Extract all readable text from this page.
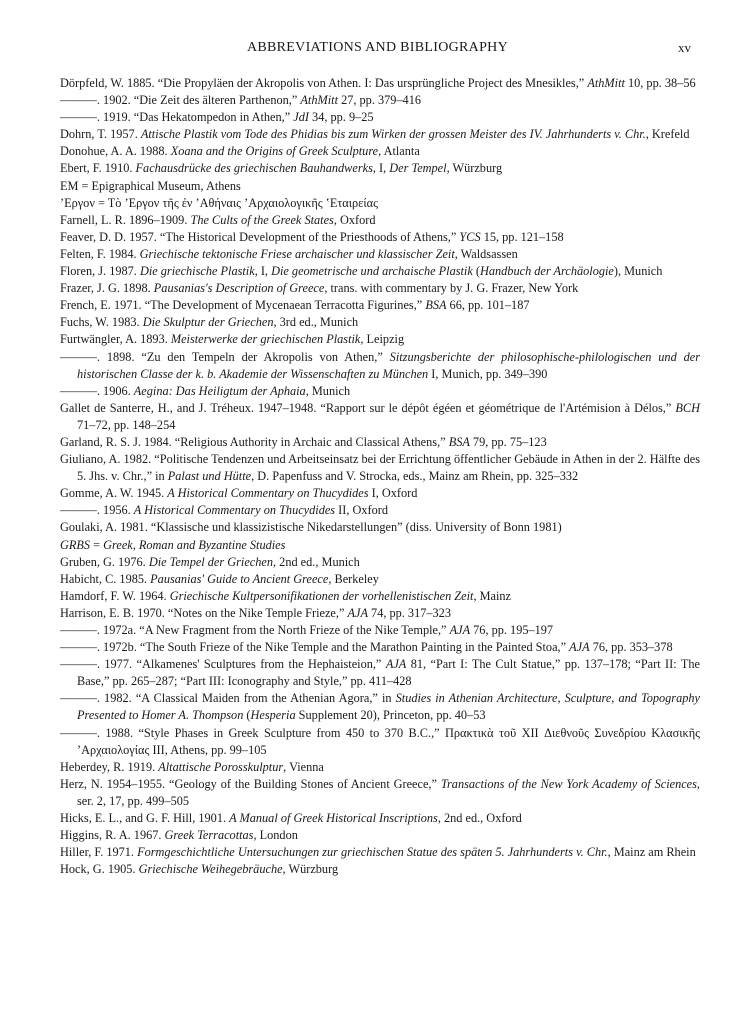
ABBREVIATIONS AND BIBLIOGRAPHY	xv

Dörpfeld, W. 1885. “Die Propyläen der Akropolis von Athen. I: Das ursprüngliche Project des Mnesikles,” AthMitt 10, pp. 38–56

———. 1902. “Die Zeit des älteren Parthenon,” AthMitt 27, pp. 379–416

———. 1919. “Das Hekatompedon in Athen,” JdI 34, pp. 9–25

Dohrn, T. 1957. Attische Plastik vom Tode des Phidias bis zum Wirken der grossen Meister des IV. Jahrhunderts v. Chr., Krefeld

Donohue, A. A. 1988. Xoana and the Origins of Greek Sculpture, Atlanta

Ebert, F. 1910. Fachausdrücke des griechischen Bauhandwerks, I, Der Tempel, Würzburg

EM = Epigraphical Museum, Athens

ʼΕργον = Τὸ ʼΕργον τῆς ἐν ʼΑθήναις ʼΑρχαιολογικῆς ʽΕταιρείας

Farnell, L. R. 1896–1909. The Cults of the Greek States, Oxford

Feaver, D. D. 1957. “The Historical Development of the Priesthoods of Athens,” YCS 15, pp. 121–158

Felten, F. 1984. Griechische tektonische Friese archaischer und klassischer Zeit, Waldsassen

Floren, J. 1987. Die griechische Plastik, I, Die geometrische und archaische Plastik (Handbuch der Archäologie), Munich

Frazer, J. G. 1898. Pausanias's Description of Greece, trans. with commentary by J. G. Frazer, New York

French, E. 1971. “The Development of Mycenaean Terracotta Figurines,” BSA 66, pp. 101–187

Fuchs, W. 1983. Die Skulptur der Griechen, 3rd ed., Munich

Furtwängler, A. 1893. Meisterwerke der griechischen Plastik, Leipzig

———. 1898. “Zu den Tempeln der Akropolis von Athen,” Sitzungsberichte der philosophische-philologischen und der historischen Classe der k. b. Akademie der Wissenschaften zu München I, Munich, pp. 349–390

———. 1906. Aegina: Das Heiligtum der Aphaia, Munich

Gallet de Santerre, H., and J. Tréheux. 1947–1948. “Rapport sur le dépôt égéen et géométrique de l'Artémision à Délos,” BCH 71–72, pp. 148–254

Garland, R. S. J. 1984. “Religious Authority in Archaic and Classical Athens,” BSA 79, pp. 75–123

Giuliano, A. 1982. “Politische Tendenzen und Arbeitseinsatz bei der Errichtung öffentlicher Gebäude in Athen in der 2. Hälfte des 5. Jhs. v. Chr.,” in Palast und Hütte, D. Papenfuss and V. Strocka, eds., Mainz am Rhein, pp. 325–332

Gomme, A. W. 1945. A Historical Commentary on Thucydides I, Oxford

———. 1956. A Historical Commentary on Thucydides II, Oxford

Goulaki, A. 1981. “Klassische und klassizistische Nikedarstellungen” (diss. University of Bonn 1981)

GRBS = Greek, Roman and Byzantine Studies

Gruben, G. 1976. Die Tempel der Griechen, 2nd ed., Munich

Habicht, C. 1985. Pausanias' Guide to Ancient Greece, Berkeley

Hamdorf, F. W. 1964. Griechische Kultpersonifikationen der vorhellenistischen Zeit, Mainz

Harrison, E. B. 1970. “Notes on the Nike Temple Frieze,” AJA 74, pp. 317–323

———. 1972a. “A New Fragment from the North Frieze of the Nike Temple,” AJA 76, pp. 195–197

———. 1972b. “The South Frieze of the Nike Temple and the Marathon Painting in the Painted Stoa,” AJA 76, pp. 353–378

———. 1977. “Alkamenes' Sculptures from the Hephaisteion,” AJA 81, “Part I: The Cult Statue,” pp. 137–178; “Part II: The Base,” pp. 265–287; “Part III: Iconography and Style,” pp. 411–428

———. 1982. “A Classical Maiden from the Athenian Agora,” in Studies in Athenian Architecture, Sculpture, and Topography Presented to Homer A. Thompson (Hesperia Supplement 20), Princeton, pp. 40–53

———. 1988. “Style Phases in Greek Sculpture from 450 to 370 B.C.,” Πρακτικὰ τοῦ XII Διεθνοῦς Συνεδρίου Κλασικῆς ʼΑρχαιολογίας III, Athens, pp. 99–105

Heberdey, R. 1919. Altattische Porosskulptur, Vienna

Herz, N. 1954–1955. “Geology of the Building Stones of Ancient Greece,” Transactions of the New York Academy of Sciences, ser. 2, 17, pp. 499–505

Hicks, E. L., and G. F. Hill, 1901. A Manual of Greek Historical Inscriptions, 2nd ed., Oxford

Higgins, R. A. 1967. Greek Terracottas, London

Hiller, F. 1971. Formgeschichtliche Untersuchungen zur griechischen Statue des späten 5. Jahrhunderts v. Chr., Mainz am Rhein

Hock, G. 1905. Griechische Weihegebräuche, Würzburg
